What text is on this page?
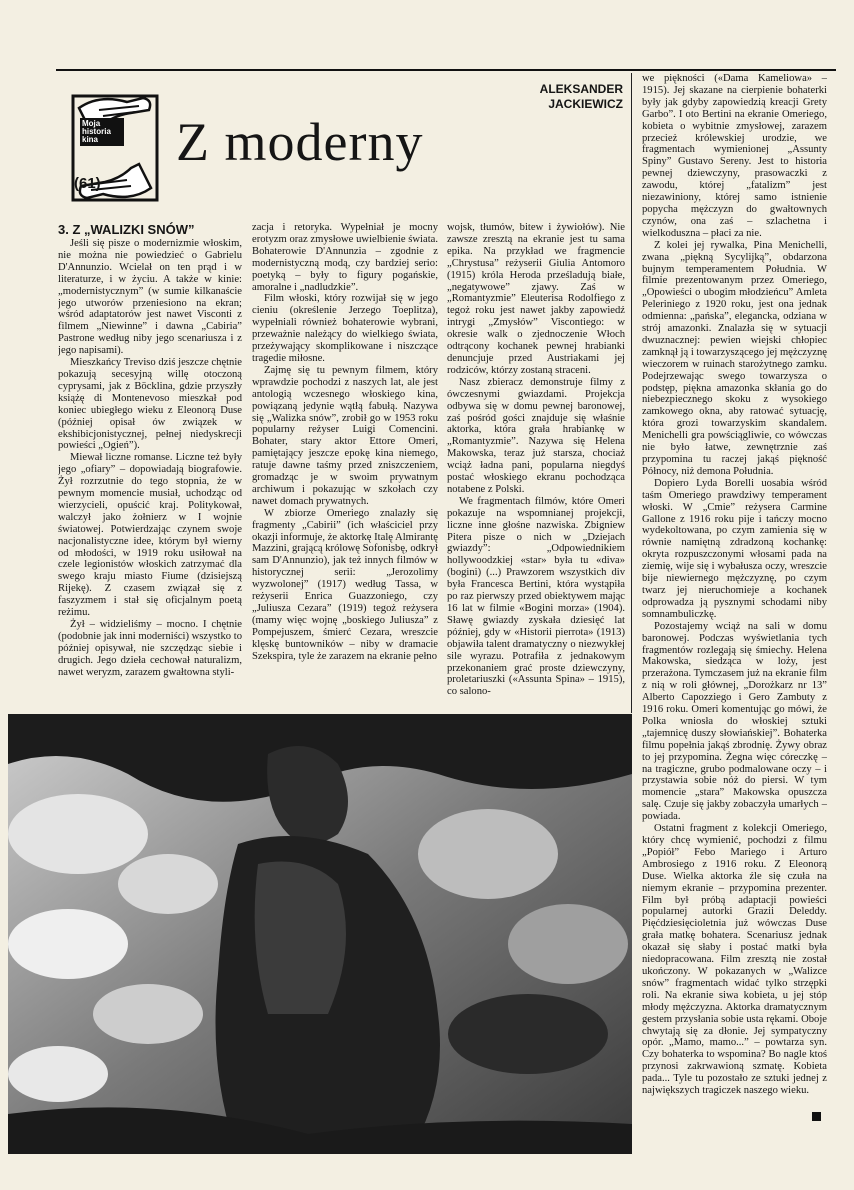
Moja historia kina
(61)
Z moderny
ALEKSANDER JACKIEWICZ
3. Z „WALIZKI SNÓW”

Jeśli się pisze o modernizmie włoskim, nie można nie powiedzieć o Gabrielu D'Annunzio. Wcielał on ten prąd i w literaturze, i w życiu. A także w kinie: „modernistycznym” (w sumie kilkanaście jego utworów przeniesiono na ekran; wśród adaptatorów jest nawet Visconti z filmem „Niewinne” i dawna „Cabiria” Pastrone według niby jego scenariusza i z jego napisami).

Mieszkańcy Treviso dziś jeszcze chętnie pokazują secesyjną willę otoczoną cyprysami, jak z Böcklina, gdzie przyszły książę di Montenevoso mieszkał pod koniec ubiegłego wieku z Eleonorą Duse (później opisał ów związek w ekshibicjonistycznej, pełnej niedyskrecji powieści „Ogień”).

Miewał liczne romanse. Liczne też były jego „ofiary” – dopowiadają biografowie. Żył rozrzutnie do tego stopnia, że w pewnym momencie musiał, uchodząc od wierzycieli, opuścić kraj. Politykował, walczył jako żołnierz w I wojnie światowej. Potwierdzając czynem swoje nacjonalistyczne idee, którym był wierny od młodości, w 1919 roku usiłował na czele legionistów włoskich zatrzymać dla swego kraju miasto Fiume (dzisiejszą Rijekę). Z czasem związał się z faszyzmem i stał się oficjalnym poetą reżimu.

Żył – widzieliśmy – mocno. I chętnie (podobnie jak inni moderniści) wszystko to później opisywał, nie szczędząc siebie i drugich. Jego dzieła cechował naturalizm, nawet weryzm, zarazem gwałtowna styli-

zacja i retoryka. Wypełniał je mocny erotyzm oraz zmysłowe uwielbienie świata. Bohaterowie D'Annunzia – zgodnie z modernistyczną modą, czy bardziej serio: poetyką – były to figury pogańskie, amoralne i „nadludzkie”.

Film włoski, który rozwijał się w jego cieniu (określenie Jerzego Toeplitza), wypełniali również bohaterowie wybrani, przeważnie należący do wielkiego świata, przeżywający skomplikowane i niszczące tragedie miłosne.

Zajmę się tu pewnym filmem, który wprawdzie pochodzi z naszych lat, ale jest antologią wczesnego włoskiego kina, powiązaną jedynie wątłą fabułą. Nazywa się „Walizka snów”, zrobił go w 1953 roku popularny reżyser Luigi Comencini. Bohater, stary aktor Ettore Omeri, pamiętający jeszcze epokę kina niemego, ratuje dawne taśmy przed zniszczeniem, gromadząc je w swoim prywatnym archiwum i pokazując w szkołach czy nawet domach prywatnych.

W zbiorze Omeriego znalazły się fragmenty „Cabirii” (ich właściciel przy okazji informuje, że aktorkę Italę Almirantę Mazzini, grającą królowę Sofonisbę, odkrył sam D'Annunzio), jak też innych filmów w historycznej serii: „Jerozolimy wyzwolonej” (1917) według Tassa, w reżyserii Enrica Guazzoniego, czy „Juliusza Cezara” (1919) tegoż reżysera (mamy więc wojnę „boskiego Juliusza” z Pompejuszem, śmierć Cezara, wreszcie klęskę buntowników – niby w dramacie Szekspira, tyle że zarazem na ekranie pełno

wojsk, tłumów, bitew i żywiołów). Nie zawsze zresztą na ekranie jest tu sama epika. Na przykład we fragmencie „Chrystusa” reżyserii Giulia Antomoro (1915) króla Heroda prześladują białe, „negatywowe” zjawy. Zaś w „Romantyzmie” Eleuterisa Rodolfiego z tegoż roku jest nawet jakby zapowiedź intrygi „Zmysłów” Viscontiego: w okresie walk o zjednoczenie Włoch odtrącony kochanek pewnej hrabianki denuncjuje przed Austriakami jej rodziców, którzy zostaną straceni.

Nasz zbieracz demonstruje filmy z ówczesnymi gwiazdami. Projekcja odbywa się w domu pewnej baronowej, zaś pośród gości znajduje się właśnie aktorka, która grała hrabiankę w „Romantyzmie”. Nazywa się Helena Makowska, teraz już starsza, chociaż wciąż ładna pani, popularna niegdyś postać włoskiego ekranu pochodząca notabene z Polski.

We fragmentach filmów, które Omeri pokazuje na wspomnianej projekcji, liczne inne głośne nazwiska. Zbigniew Pitera pisze o nich w „Dziejach gwiazdy”: „Odpowiednikiem hollywoodzkiej «star» była tu «diva» (bogini) (...) Prawzorem wszystkich div była Francesca Bertini, która wystąpiła po raz pierwszy przed obiektywem mając 16 lat w filmie «Bogini morza» (1904). Sławę gwiazdy zyskała dziesięć lat później, gdy w «Historii pierrota» (1913) objawiła talent dramatyczny o niezwykłej sile wyrazu. Potrafiła z jednakowym przekonaniem grać proste dziewczyny, proletariuszki («Assunta Spina» – 1915), co salono-

we piękności («Dama Kameliowa» – 1915). Jej skazane na cierpienie bohaterki były jak gdyby zapowiedzią kreacji Grety Garbo”. I oto Bertini na ekranie Omeriego, kobieta o wybitnie zmysłowej, zarazem przecież królewskiej urodzie, we fragmentach wymienionej „Assunty Spiny” Gustavo Sereny. Jest to historia pewnej dziewczyny, prasowaczki z zawodu, której „fatalizm” jest niezawiniony, której samo istnienie popycha mężczyzn do gwałtownych czynów, ona zaś – szlachetna i wielkoduszna – płaci za nie.

Z kolei jej rywalka, Pina Menichelli, zwana „piękną Sycylijką”, obdarzona bujnym temperamentem Południa. W filmie prezentowanym przez Omeriego, „Opowieści o ubogim młodzieńcu” Amleta Peleriniego z 1920 roku, jest ona jednak odmienna: „pańska”, elegancka, odziana w strój amazonki. Znalazła się w sytuacji dwuznacznej: pewien wiejski chłopiec zamknął ją i towarzyszącego jej mężczyznę wieczorem w ruinach starożytnego zamku. Podejrzewając swego towarzysza o podstęp, piękna amazonka skłania go do niebezpiecznego skoku z wysokiego zamkowego okna, aby ratować sytuację, która grozi towarzyskim skandalem. Menichelli gra powściągliwie, co wówczas nie było łatwe, zewnętrznie zaś przypomina tu raczej jakąś piękność Północy, niż demona Południa.

Dopiero Lyda Borelli uosabia wśród taśm Omeriego prawdziwy temperament włoski. W „Cmie” reżysera Carmine Gallone z 1916 roku pije i tańczy mocno wydekoltowana, po czym zamienia się w równie namiętną zdradzoną kochankę: okryta rozpuszczonymi włosami pada na ziemię, wije się i wybałusza oczy, wreszcie bije niewiernego mężczyznę, po czym twarz jej nieruchomieje a kochanek odprowadza ją pysznymi schodami niby somnambuliczkę.

Pozostajemy wciąż na sali w domu baronowej. Podczas wyświetlania tych fragmentów rozlegają się śmiechy. Helena Makowska, siedząca w loży, jest przerażona. Tymczasem już na ekranie film z nią w roli głównej, „Dorożkarz nr 13” Alberto Capozziego i Gero Zambuty z 1916 roku. Omeri komentując go mówi, że Polka wniosła do włoskiej sztuki „tajemnicę duszy słowiańskiej”. Bohaterka filmu popełnia jakąś zbrodnię. Żywy obraz to jej przypomina. Żegna więc córeczkę – na tragiczne, grubo podmalowane oczy – i przystawia sobie nóż do piersi. W tym momencie „stara” Makowska opuszcza salę. Czuje się jakby zobaczyła umarłych – powiada.

Ostatni fragment z kolekcji Omeriego, który chcę wymienić, pochodzi z filmu „Popiół” Febo Mariego i Arturo Ambrosiego z 1916 roku. Z Eleonorą Duse. Wielka aktorka źle się czuła na niemym ekranie – przypomina prezenter. Film był próbą adaptacji powieści popularnej autorki Grazii Deleddy. Pięćdziesięcioletnia już wówczas Duse grała matkę bohatera. Scenariusz jednak okazał się słaby i postać matki była niedopracowana. Film zresztą nie został ukończony. W pokazanych w „Walizce snów” fragmentach widać tylko strzępki roli. Na ekranie siwa kobieta, u jej stóp młody mężczyzna. Aktorka dramatycznym gestem przysłania sobie usta rękami. Oboje chwytają się za dłonie. Jej sympatyczny opór. „Mamo, mamo...” – powtarza syn. Czy bohaterka to wspomina? Bo nagle ktoś przynosi zakrwawioną szmatę. Kobieta pada... Tyle tu pozostało ze sztuki jednej z największych tragiczek naszego wieku.
